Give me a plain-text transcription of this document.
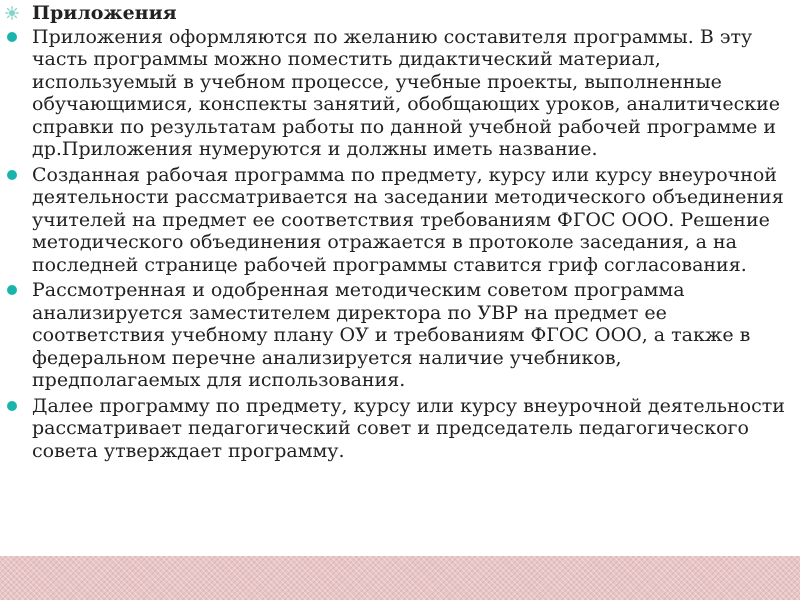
Приложения
Приложения оформляются по желанию составителя программы. В эту часть программы можно поместить дидактический материал, используемый в учебном процессе, учебные проекты, выполненные обучающимися, конспекты занятий, обобщающих уроков, аналитические справки по результатам работы по данной учебной рабочей программе и др.Приложения нумеруются и должны иметь название.
Созданная рабочая программа по предмету, курсу или курсу внеурочной деятельности рассматривается на заседании методического объединения учителей на предмет ее соответствия требованиям ФГОС ООО. Решение методического объединения отражается в протоколе заседания, а на последней странице рабочей программы ставится гриф согласования.
Рассмотренная и одобренная методическим советом программа анализируется заместителем директора по УВР на предмет ее соответствия учебному плану ОУ и требованиям ФГОС ООО, а также в федеральном перечне анализируется наличие учебников, предполагаемых для использования.
Далее программу по предмету, курсу или курсу внеурочной деятельности рассматривает педагогический совет и председатель педагогического совета утверждает программу.
